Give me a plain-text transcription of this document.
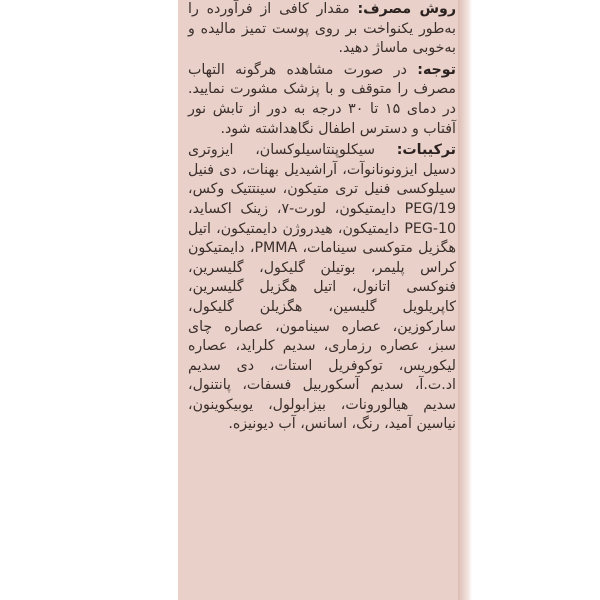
روش مصرف: مقدار کافی از فرآورده را به‌طور یکنواخت بر روی پوست تمیز مالیده و به‌خوبی ماساژ دهید.

توجه: در صورت مشاهده هرگونه التهاب مصرف را متوقف و با پزشک مشورت نمایید. در دمای ۱۵ تا ۳۰ درجه به دور از تابش نور آفتاب و دسترس اطفال نگاهداشته شود.

ترکیبات: سیکلوپنتاسیلوکسان، ایزوتری دسیل ایزونونانوآت، آراشیدیل بهنات، دی فنیل سیلوکسی فنیل تری متیکون، سینتتیک وکس، PEG/19 دایمتیکون، لورت-۷، زینک اکساید، PEG-10 دایمتیکون، هیدروژن دایمتیکون، اتیل هگزیل متوکسی سینامات، PMMA، دایمتیکون کراس پلیمر، بوتیلن گلیکول، گلیسرین، فنوکسی اتانول، اتیل هگزیل گلیسرین، کاپریلویل گلیسین، هگزیلن گلیکول، سارکوزین، عصاره سینامون، عصاره چای سبز، عصاره رزماری، سدیم کلراید، عصاره لیکوریس، توکوفریل استات، دی سدیم اد.ت.آ، سدیم آسکوربیل فسفات، پانتنول، سدیم هیالورونات، بیزابولول، یوبیکوینون، نیاسین آمید، رنگ، اسانس، آب دیونیزه.
